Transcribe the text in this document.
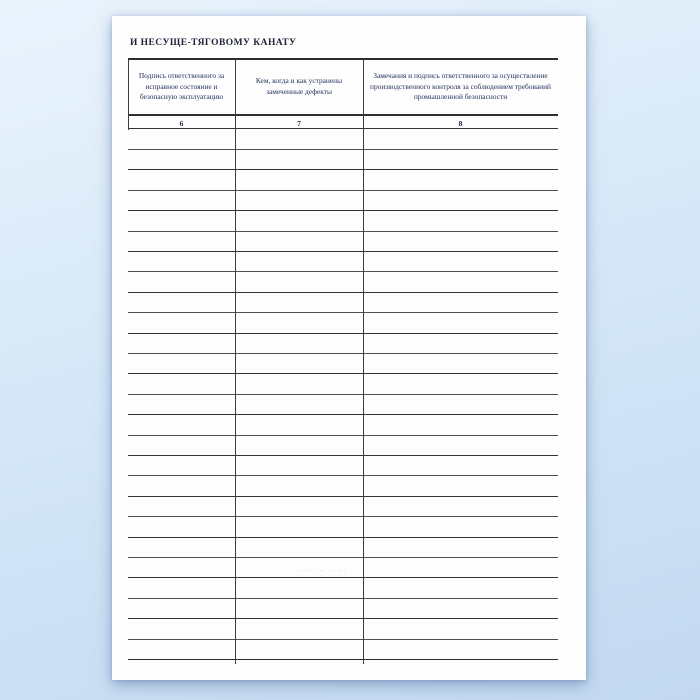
И НЕСУЩЕ-ТЯГОВОМУ КАНАТУ
Подпись ответственного за исправное состояние и безопасную эксплуатацию
Кем, когда и как устранены замеченные дефекты
Замечания и подпись ответственного за осуществление производственного контроля за соблюдением требований промышленной безопасности
6	7	8
· ·· · · ··
